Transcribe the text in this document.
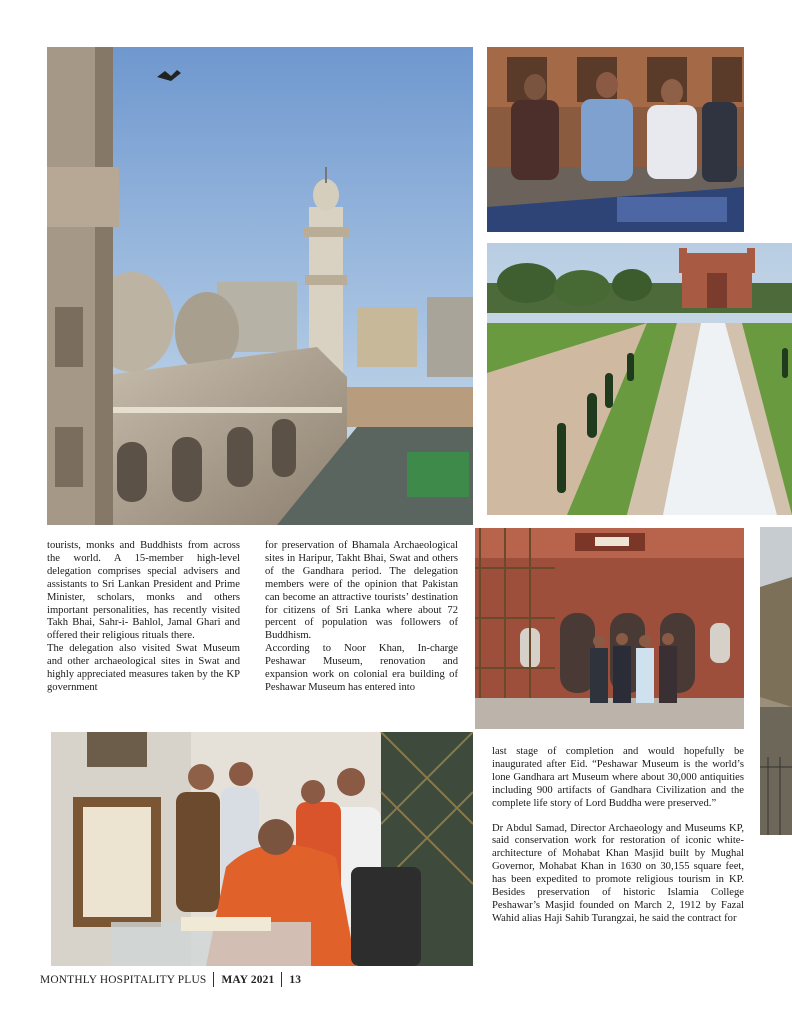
tourists, monks and Buddhists from across the world. A 15-member high-level delegation comprises special advisers and assistants to Sri Lankan President and Prime Minister, scholars, monks and others important personalities, has recently visited Takh Bhai, Sahr-i- Bahlol, Jamal Ghari and offered their religious rituals there.

The delegation also visited Swat Museum and other archaeological sites in Swat and highly appreciated measures taken by the KP government

for preservation of Bhamala Archaeological sites in Haripur, Takht Bhai, Swat and others of the Gandhara period. The delegation members were of the opinion that Pakistan can become an attractive tourists’ destination for citizens of Sri Lanka where about 72 percent of population was followers of Buddhism.

According to Noor Khan, In-charge Peshawar Museum, renovation and expansion work on colonial era building of Peshawar Museum has entered into

last stage of completion and would hopefully be inaugurated after Eid. “Peshawar Museum is the world’s lone Gandhara art Museum where about 30,000 antiquities including 900 artifacts of Gandhara Civilization and the complete life story of Lord Buddha were preserved.”

Dr Abdul Samad, Director Archaeology and Museums KP, said conservation work for restoration of iconic white-architecture of Mohabat Khan Masjid built by Mughal Governor, Mohabat Khan in 1630 on 30,155 square feet, has been expedited to promote religious tourism in KP. Besides preservation of historic Islamia College Peshawar’s Masjid founded on March 2, 1912 by Fazal Wahid alias Haji Sahib Turangzai, he said the contract for

MONTHLY HOSPITALITY PLUS MAY 2021 13
